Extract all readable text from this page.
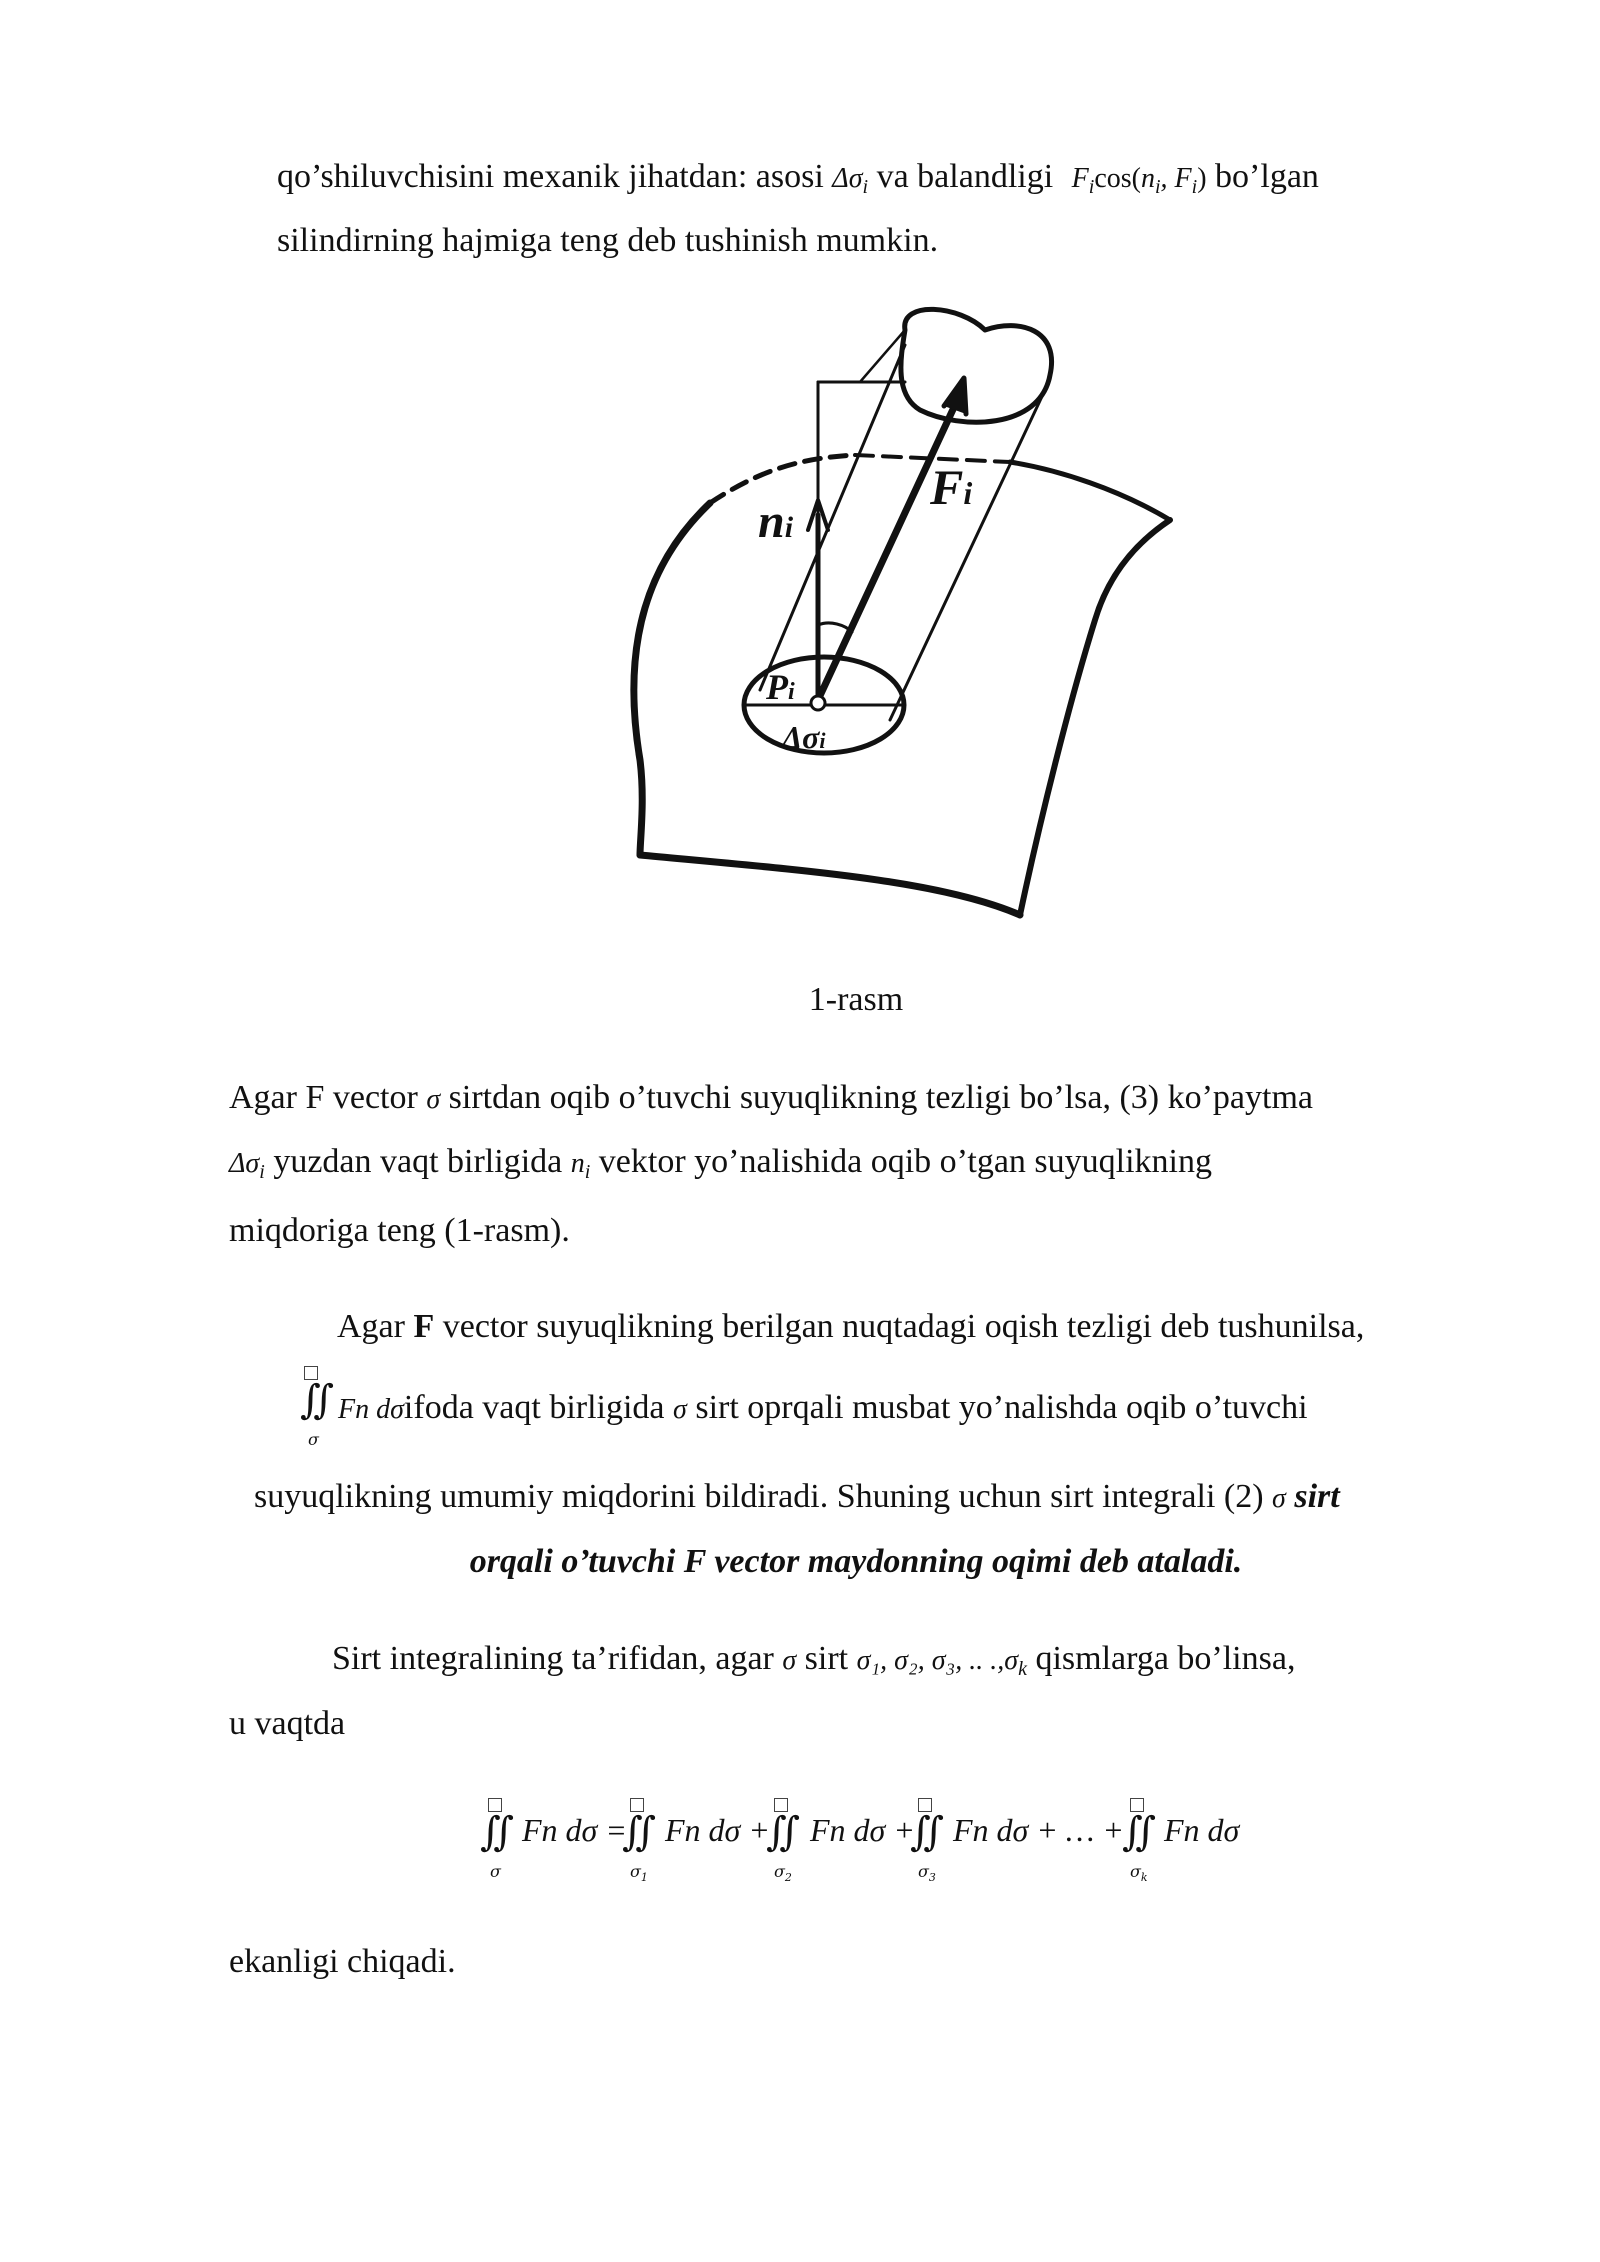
qo’shiluvchisini mexanik jihatdan: asosi $\Delta\sigma_i$ va balandligi $F_i\cos(n_i$, $F_i$) bo’lgan
silindirning hajmiga teng deb tushinish mumkin.
Fi
ni
Pi
Δσi
1-rasm
Agar F vector σ sirtdan oqib o’tuvchi suyuqlikning tezligi bo’lsa, (3) ko’paytma
$\Delta\sigma_i$ yuzdan vaqt birligida $n_i$ vektor yo’nalishida oqib o’tgan suyuqlikning
miqdoriga teng (1-rasm).
Agar F vector suyuqlikning berilgan nuqtadagi oqish tezligi deb tushunilsa,
∬
σ
Fn dσifoda vaqt birligida σ sirt oprqali musbat yo’nalishda oqib o’tuvchi
suyuqlikning umumiy miqdorini bildiradi. Shuning uchun sirt integrali (2) σ sirt
orqali o’tuvchi F vector maydonning oqimi deb ataladi.
Sirt integralining ta’rifidan, agar σ sirt σ₁, σ₂, σ₃, .. $.,\sigma_k$ qismlarga bo’linsa,
u vaqtda
∬
σ
Fn dσ =
∬
$\sigma_1$
Fn dσ +
∬
$\sigma_2$
Fn dσ +
∬
$\sigma_3$
Fn dσ + … +
∬
$\sigma_k$
Fn dσ
ekanligi chiqadi.
